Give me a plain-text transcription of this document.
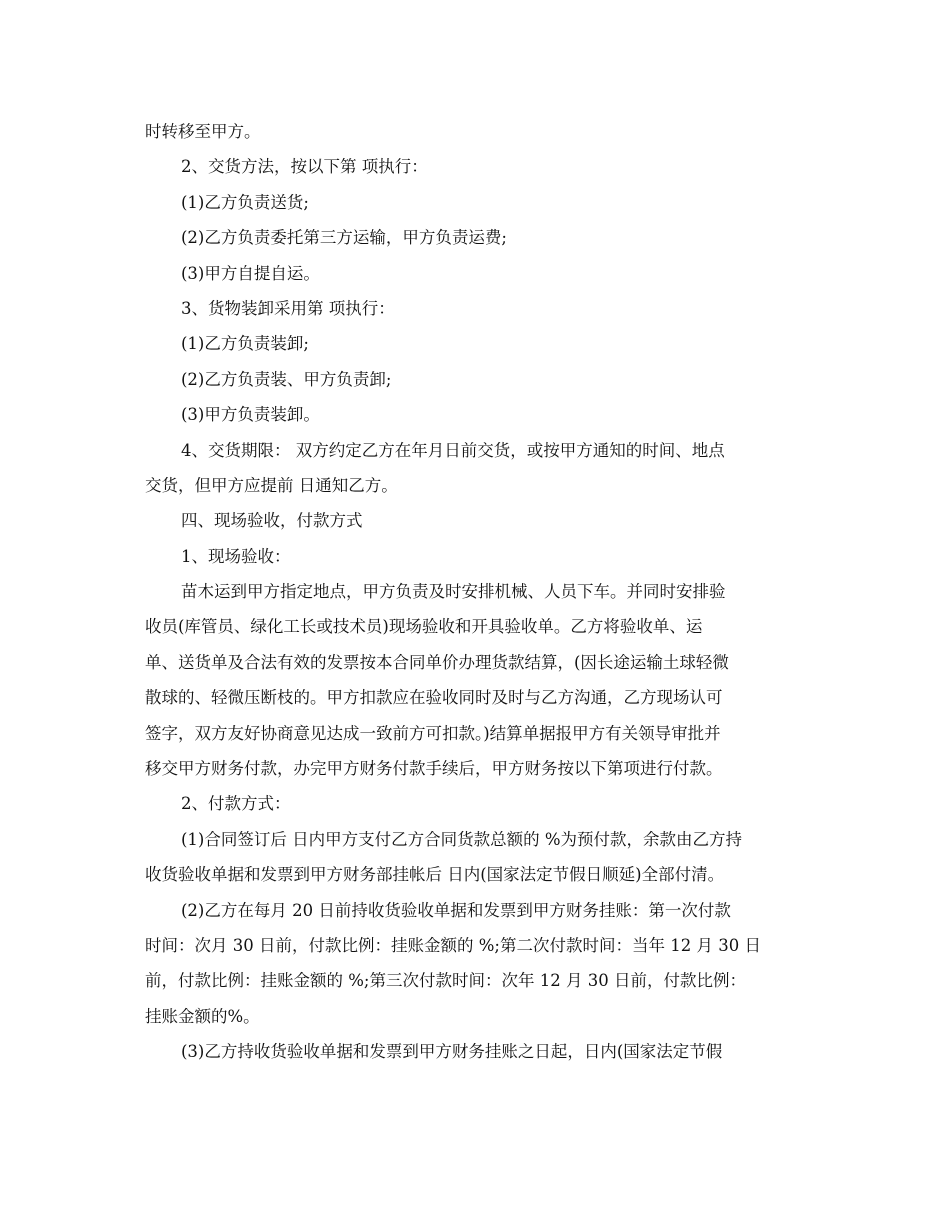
时转移至甲方。
2、交货方法，按以下第 项执行：
(1)乙方负责送货;
(2)乙方负责委托第三方运输，甲方负责运费;
(3)甲方自提自运。
3、货物装卸采用第 项执行：
(1)乙方负责装卸;
(2)乙方负责装、甲方负责卸;
(3)甲方负责装卸。
4、交货期限： 双方约定乙方在年月日前交货，或按甲方通知的时间、地点
交货，但甲方应提前 日通知乙方。
四、现场验收，付款方式
1、现场验收：
苗木运到甲方指定地点，甲方负责及时安排机械、人员下车。并同时安排验
收员(库管员、绿化工长或技术员)现场验收和开具验收单。乙方将验收单、运
单、送货单及合法有效的发票按本合同单价办理货款结算，(因长途运输土球轻微
散球的、轻微压断枝的。甲方扣款应在验收同时及时与乙方沟通，乙方现场认可
签字，双方友好协商意见达成一致前方可扣款。)结算单据报甲方有关领导审批并
移交甲方财务付款，办完甲方财务付款手续后，甲方财务按以下第项进行付款。
2、付款方式：
(1)合同签订后 日内甲方支付乙方合同货款总额的 %为预付款，余款由乙方持
收货验收单据和发票到甲方财务部挂帐后 日内(国家法定节假日顺延)全部付清。
(2)乙方在每月 20 日前持收货验收单据和发票到甲方财务挂账：第一次付款
时间：次月 30 日前，付款比例：挂账金额的 %;第二次付款时间：当年 12 月 30 日
前，付款比例：挂账金额的 %;第三次付款时间：次年 12 月 30 日前，付款比例：
挂账金额的%。
(3)乙方持收货验收单据和发票到甲方财务挂账之日起，日内(国家法定节假
